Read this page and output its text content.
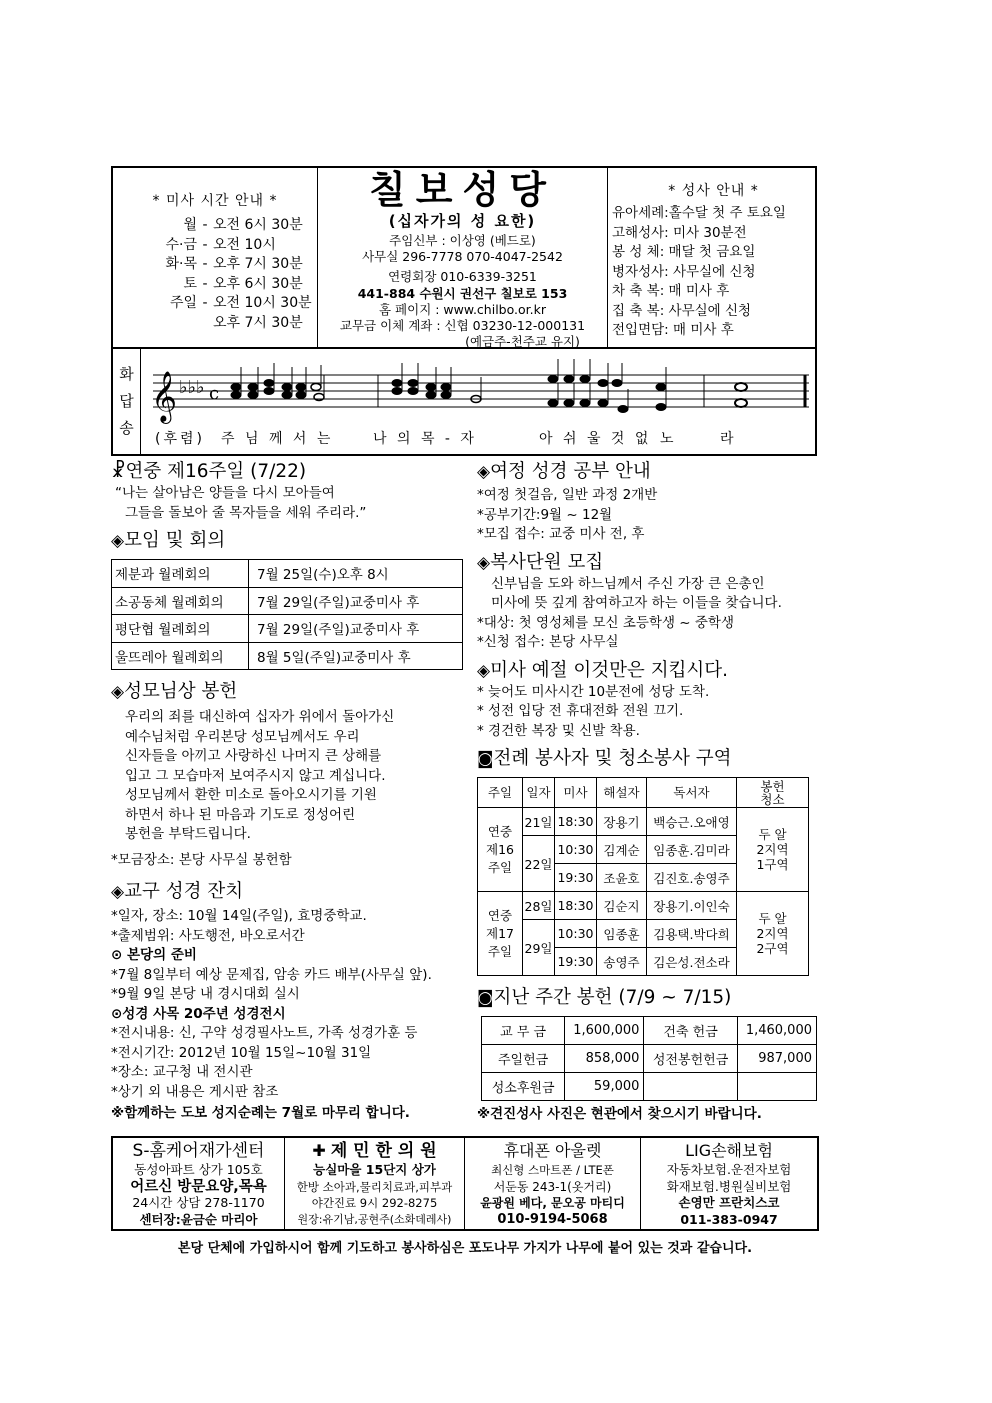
* 미사 시간 안내 *
월 - 오전 6시 30분
수·금 - 오전 10시
화·목 - 오후 7시 30분
토 - 오후 6시 30분
주일 - 오전 10시 30분
오후 7시 30분
칠보성당
(십자가의 성 요한)
주임신부 : 이상영 (베드로)
사무실 296-7778 070-4047-2542
연령회장 010-6339-3251
441-884 수원시 권선구 칠보로 153
홈 페이지 : www.chilbo.or.kr
교무금 이체 계좌 : 신협 03230-12-000131
(예금주-천주교 유지)
* 성사 안내 *
유아세례:홀수달 첫 주 토요일
고해성사: 미사 30분전
봉 성 체: 매달 첫 금요일
병자성사: 사무실에 신청
차 축 복: 매 미사 후
집 축 복: 사무실에 신청
전입면담: 매 미사 후
화
답
송
𝄞 ♭♭♭ c
(후렴) 주 님 께 서 는	나 의 목 - 자	아 쉬 울 것 없 노	라
☧연중 제16주일 (7/22)
“나는 살아남은 양들을 다시 모아들여
그들을 돌보아 줄 목자들을 세워 주리라.”
◈모임 및 회의
제분과 월례회의	7월 25일(수)오후 8시
소공동체 월례회의	7월 29일(주일)교중미사 후
평단협 월례회의	7월 29일(주일)교중미사 후
울뜨레아 월례회의	8월 5일(주일)교중미사 후
◈성모님상 봉헌
우리의 죄를 대신하여 십자가 위에서 돌아가신
예수님처럼 우리본당 성모님께서도 우리
신자들을 아끼고 사랑하신 나머지 큰 상해를
입고 그 모습마저 보여주시지 않고 계십니다.
성모님께서 환한 미소로 돌아오시기를 기원
하면서 하나 된 마음과 기도로 정성어린
봉헌을 부탁드립니다.
*모금장소: 본당 사무실 봉헌함
◈교구 성경 잔치
*일자, 장소: 10월 14일(주일), 효명중학교.
*출제범위: 사도행전, 바오로서간
⊙ 본당의 준비
*7월 8일부터 예상 문제집, 암송 카드 배부(사무실 앞).
*9월 9일 본당 내 경시대회 실시
⊙성경 사목 20주년 성경전시
*전시내용: 신, 구약 성경필사노트, 가족 성경가훈 등
*전시기간: 2012년 10월 15일~10월 31일
*장소: 교구청 내 전시관
*상기 외 내용은 게시판 참조
※함께하는 도보 성지순례는 7월로 마무리 합니다.
◈여정 성경 공부 안내
*여정 첫걸음, 일반 과정 2개반
*공부기간:9월 ~ 12월
*모집 접수: 교중 미사 전, 후
◈복사단원 모집
신부님을 도와 하느님께서 주신 가장 큰 은총인
미사에 뜻 깊게 참여하고자 하는 이들을 찾습니다.
*대상: 첫 영성체를 모신 초등학생 ~ 중학생
*신청 접수: 본당 사무실
◈미사 예절 이것만은 지킵시다.
* 늦어도 미사시간 10분전에 성당 도착.
* 성전 입당 전 휴대전화 전원 끄기.
* 경건한 복장 및 신발 착용.
◙전례 봉사자 및 청소봉사 구역
주일	일자	미사	해설자	독서자	봉헌
청소
연중
제16
주일	21일	18:30	장용기	백승근.오애영	두 알
2지역
1구역
	22일	10:30	김계순	임종훈.김미라	
		19:30	조윤호	김진호.송영주	
연중
제17
주일	28일	18:30	김순지	장용기.이인숙	두 알
2지역
2구역
	29일	10:30	임종훈	김용택.박다희	
		19:30	송영주	김은성.전소라	
◙지난 주간 봉헌 (7/9 ~ 7/15)
교 무 금	1,600,000	건축 헌금	1,460,000
주일헌금	858,000	성전봉헌헌금	987,000
성소후원금	59,000		
※견진성사 사진은 현관에서 찾으시기 바랍니다.
S-홈케어재가센터
동성아파트 상가 105호
어르신 방문요양,목욕
24시간 상담 278-1170
센터장:윤금순 마리아
✚ 제 민 한 의 원
능실마을 15단지 상가
한방 소아과,물리치료과,피부과
야간진료 9시 292-8275
원장:유기남,공현주(소화데레사)
휴대폰 아울렛
최신형 스마트폰 / LTE폰
서둔동 243-1(옷거리)
윤광원 베다, 문오공 마티디
010-9194-5068
LIG손해보험
자동차보험.운전자보험
화재보험.병원실비보험
손영만 프란치스코
011-383-0947
본당 단체에 가입하시어 함께 기도하고 봉사하심은 포도나무 가지가 나무에 붙어 있는 것과 같습니다.
